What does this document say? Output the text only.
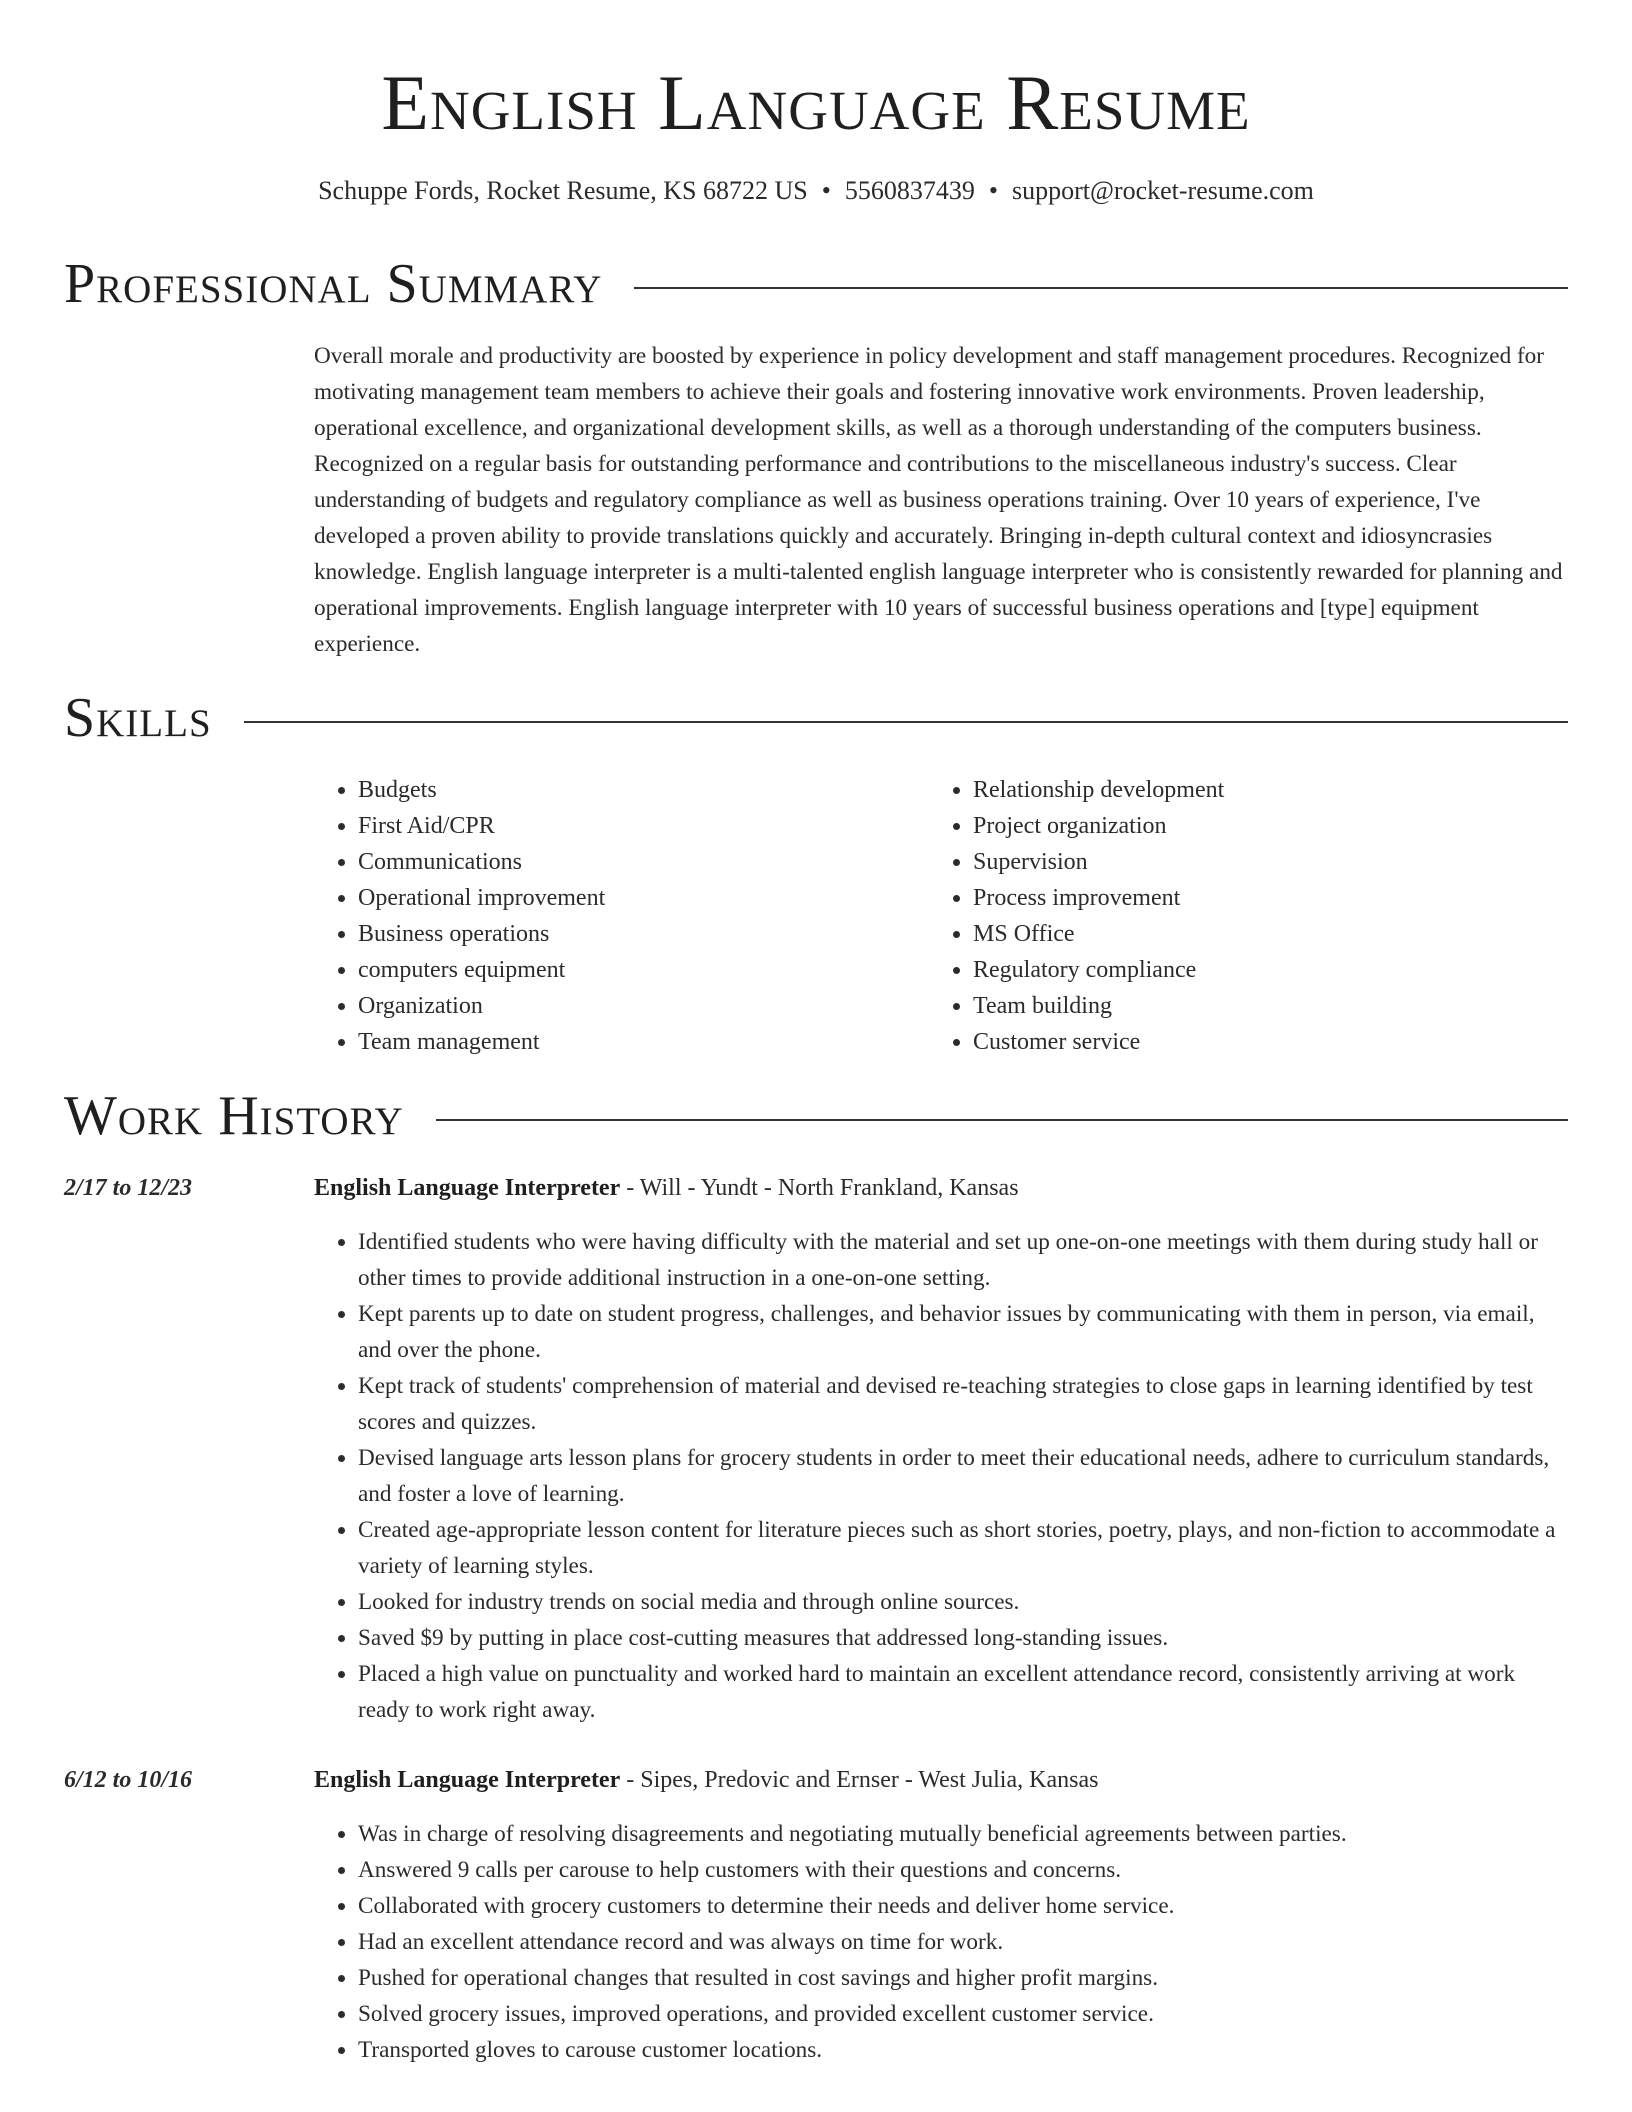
English Language Resume
Schuppe Fords, Rocket Resume, KS 68722 US • 5560837439 • support@rocket-resume.com
Professional Summary

Overall morale and productivity are boosted by experience in policy development and staff management procedures. Recognized for motivating management team members to achieve their goals and fostering innovative work environments. Proven leadership, operational excellence, and organizational development skills, as well as a thorough understanding of the computers business. Recognized on a regular basis for outstanding performance and contributions to the miscellaneous industry's success. Clear understanding of budgets and regulatory compliance as well as business operations training. Over 10 years of experience, I've developed a proven ability to provide translations quickly and accurately. Bringing in-depth cultural context and idiosyncrasies knowledge. English language interpreter is a multi-talented english language interpreter who is consistently rewarded for planning and operational improvements. English language interpreter with 10 years of successful business operations and [type] equipment experience.

Skills
• Budgets
• First Aid/CPR
• Communications
• Operational improvement
• Business operations
• computers equipment
• Organization
• Team management
• Relationship development
• Project organization
• Supervision
• Process improvement
• MS Office
• Regulatory compliance
• Team building
• Customer service
Work History
2/17 to 12/23	English Language Interpreter - Will - Yundt - North Frankland, Kansas
• Identified students who were having difficulty with the material and set up one-on-one meetings with them during study hall or other times to provide additional instruction in a one-on-one setting.
• Kept parents up to date on student progress, challenges, and behavior issues by communicating with them in person, via email, and over the phone.
• Kept track of students' comprehension of material and devised re-teaching strategies to close gaps in learning identified by test scores and quizzes.
• Devised language arts lesson plans for grocery students in order to meet their educational needs, adhere to curriculum standards, and foster a love of learning.
• Created age-appropriate lesson content for literature pieces such as short stories, poetry, plays, and non-fiction to accommodate a variety of learning styles.
• Looked for industry trends on social media and through online sources.
• Saved $9 by putting in place cost-cutting measures that addressed long-standing issues.
• Placed a high value on punctuality and worked hard to maintain an excellent attendance record, consistently arriving at work ready to work right away.
6/12 to 10/16	English Language Interpreter - Sipes, Predovic and Ernser - West Julia, Kansas
• Was in charge of resolving disagreements and negotiating mutually beneficial agreements between parties.
• Answered 9 calls per carouse to help customers with their questions and concerns.
• Collaborated with grocery customers to determine their needs and deliver home service.
• Had an excellent attendance record and was always on time for work.
• Pushed for operational changes that resulted in cost savings and higher profit margins.
• Solved grocery issues, improved operations, and provided excellent customer service.
• Transported gloves to carouse customer locations.
